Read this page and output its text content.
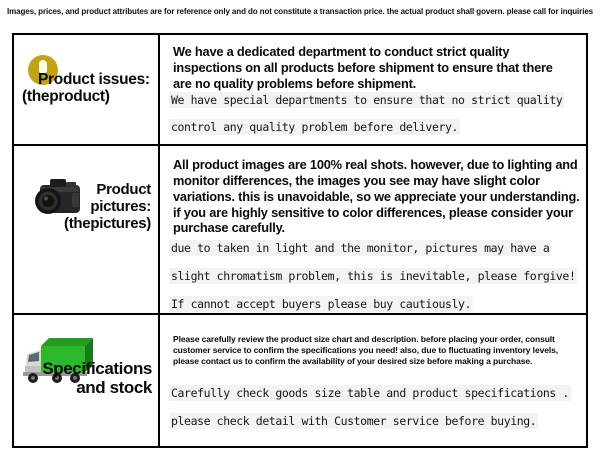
Images, prices, and product attributes are for reference only and do not constitute a transaction price. the actual product shall govern. please call for inquiries
Product issues:
(theproduct)
We have a dedicated department to conduct strict quality inspections on all products before shipment to ensure that there are no quality problems before shipment.
We have special departments to ensure that no strict quality
control any quality problem before delivery.
Product
pictures:
(thepictures)
All product images are 100% real shots. however, due to lighting and monitor differences, the images you see may have slight color variations. this is unavoidable, so we appreciate your understanding. if you are highly sensitive to color differences, please consider your purchase carefully.
due to taken in light and the monitor, pictures may have a
slight chromatism problem, this is inevitable, please forgive!
If cannot accept buyers please buy cautiously.
Specifications
and stock
Please carefully review the product size chart and description. before placing your order, consult customer service to confirm the specifications you need! also, due to fluctuating inventory levels, please contact us to confirm the availability of your desired size before making a purchase.
Carefully check goods size table and product specifications .
please check detail with Customer service before buying.
